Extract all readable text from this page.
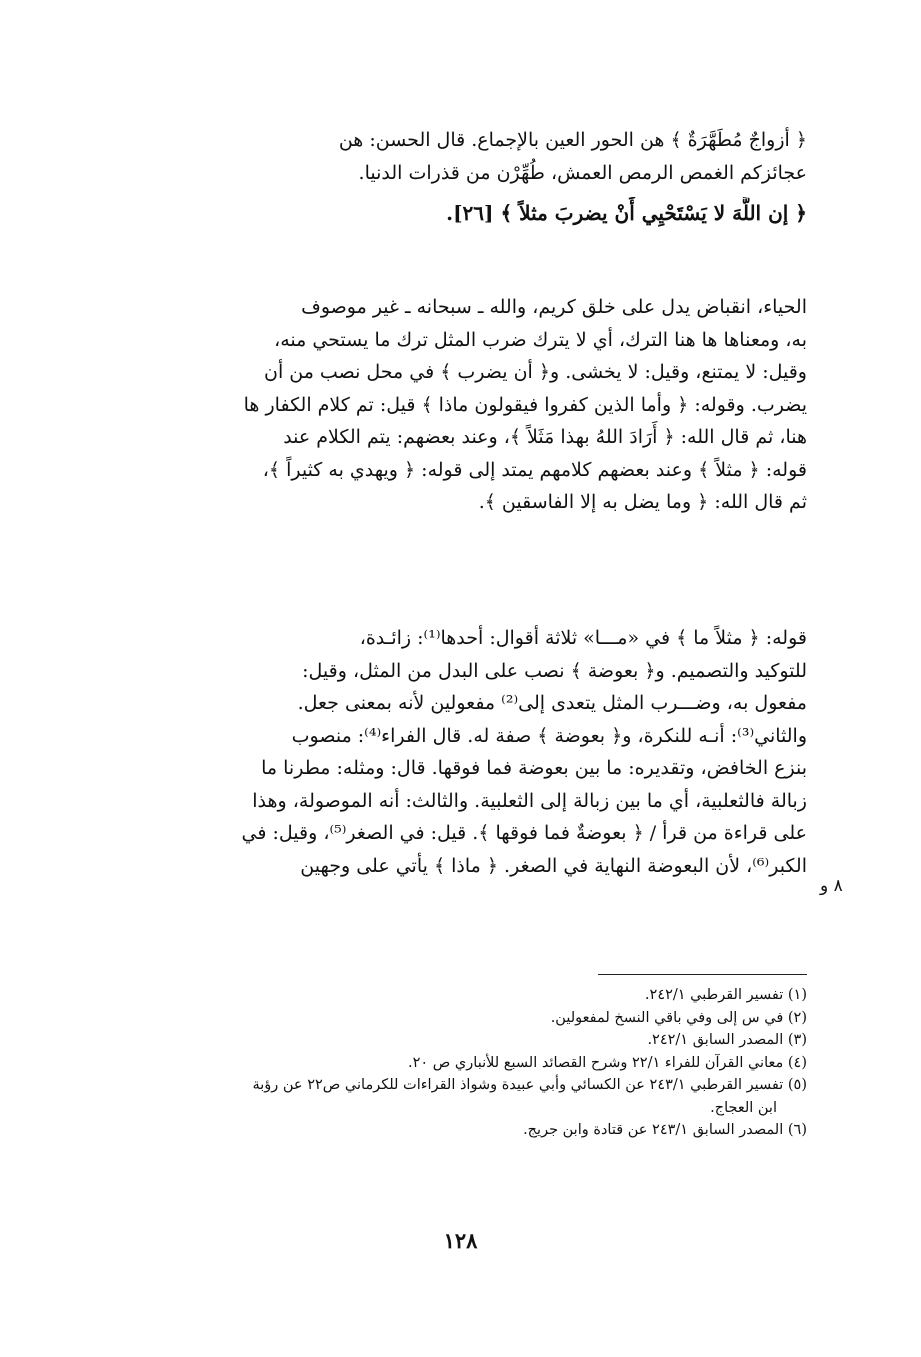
﴿ أزواجٌ مُطَهَّرَةٌ ﴾ هن الحور العين بالإجماع. قال الحسن: هن
عجائزكم الغمص الرمص العمش، طُهِّرْن من قذرات الدنيا.
﴿ إن اللَّهَ لا يَسْتَحْيِي أَنْ يضربَ مثلاً ﴾ [٢٦].
الحياء، انقباض يدل على خلق كريم، والله ـ سبحانه ـ غير موصوف
به، ومعناها ها هنا الترك، أي لا يترك ضرب المثل ترك ما يستحي منه،
وقيل: لا يمتنع، وقيل: لا يخشى. و﴿ أن يضرب ﴾ في محل نصب من أن
يضرب. وقوله: ﴿ وأما الذين كفروا فيقولون ماذا ﴾ قيل: تم كلام الكفار ها
هنا، ثم قال الله: ﴿ أَرَادَ اللهُ بهذا مَثَلاً ﴾، وعند بعضهم: يتم الكلام عند
قوله: ﴿ مثلاً ﴾ وعند بعضهم كلامهم يمتد إلى قوله: ﴿ ويهدي به كثيراً ﴾،
ثم قال الله: ﴿ وما يضل به إلا الفاسقين ﴾.
قوله: ﴿ مثلاً ما ﴾ في «مـــا» ثلاثة أقوال: أحدها⁽¹⁾: زائـدة،
للتوكيد والتصميم. و﴿ بعوضة ﴾ نصب على البدل من المثل، وقيل:
مفعول به، وضـــرب المثل يتعدى إلى⁽²⁾ مفعولين لأنه بمعنى جعل.
والثاني⁽³⁾: أنـه للنكرة، و﴿ بعوضة ﴾ صفة له. قال الفراء⁽⁴⁾: منصوب
بنزع الخافض، وتقديره: ما بين بعوضة فما فوقها. قال: ومثله: مطرنا ما
زبالة فالثعلبية، أي ما بين زبالة إلى الثعلبية. والثالث: أنه الموصولة، وهذا
على قراءة من قرأ / ﴿ بعوضةٌ فما فوقها ﴾. قيل: في الصغر⁽⁵⁾، وقيل: في
الكبر⁽⁶⁾، لأن البعوضة النهاية في الصغر. ﴿ ماذا ﴾ يأتي على وجهين
٨ و
(١) تفسير القرطبي ٢٤٢/١.
(٢) في س إلى وفي باقي النسخ لمفعولين.
(٣) المصدر السابق ٢٤٢/١.
(٤) معاني القرآن للفراء ٢٢/١ وشرح القصائد السبع للأنباري ص ٢٠.
(٥) تفسير القرطبي ٢٤٣/١ عن الكسائي وأبي عبيدة وشواذ القراءات للكرماني ص٢٢ عن رؤبة
ابن العجاج.
(٦) المصدر السابق ٢٤٣/١ عن قتادة وابن جريج.
١٢٨
